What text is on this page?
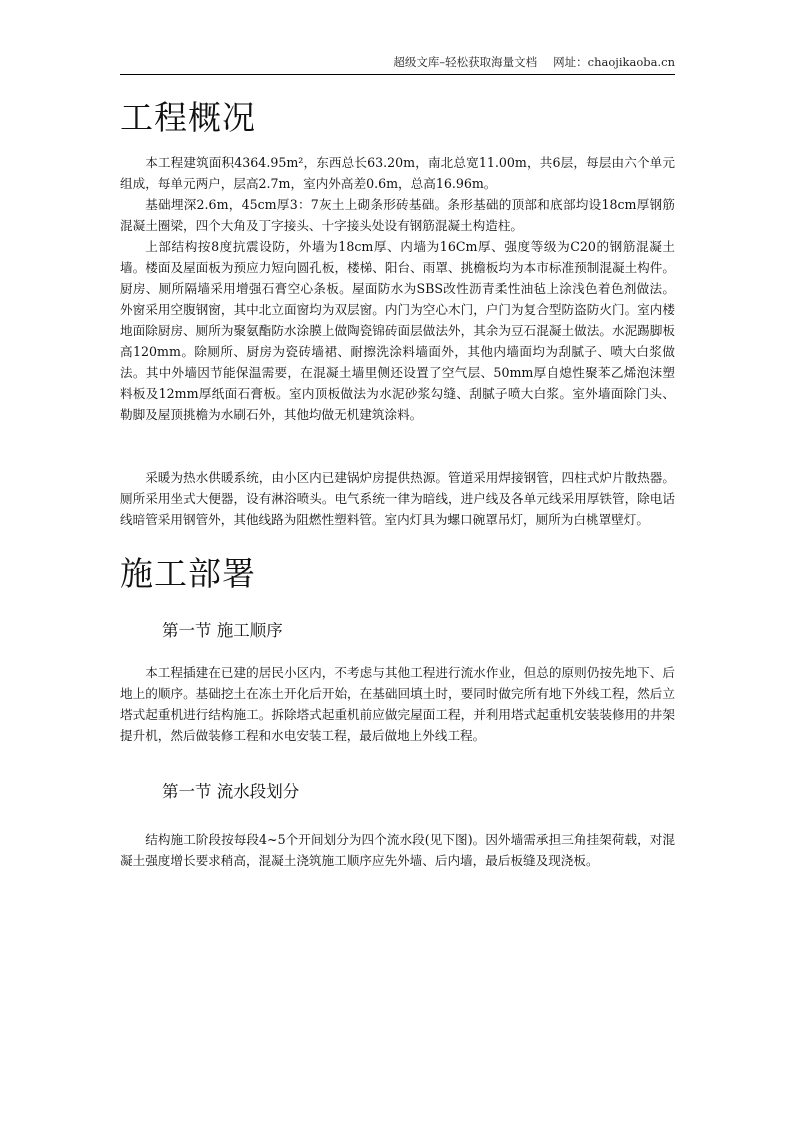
超级文库–轻松获取海量文档 网址：chaojikaoba.cn
工程概况

本工程建筑面积4364.95m²，东西总长63.20m，南北总宽11.00m，共6层，每层由六个单元组成，每单元两户，层高2.7m，室内外高差0.6m，总高16.96m。

基础埋深2.6m，45cm厚3：7灰土上砌条形砖基础。条形基础的顶部和底部均设18cm厚钢筋混凝土圈梁，四个大角及丁字接头、十字接头处设有钢筋混凝土构造柱。

上部结构按8度抗震设防，外墙为18cm厚、内墙为16Cm厚、强度等级为C20的钢筋混凝土墙。楼面及屋面板为预应力短向圆孔板，楼梯、阳台、雨罩、挑檐板均为本市标准预制混凝土构件。厨房、厕所隔墙采用增强石膏空心条板。屋面防水为SBS改性沥青柔性油毡上涂浅色着色剂做法。外窗采用空腹钢窗，其中北立面窗均为双层窗。内门为空心木门，户门为复合型防盗防火门。室内楼地面除厨房、厕所为聚氨酯防水涂膜上做陶瓷锦砖面层做法外，其余为豆石混凝土做法。水泥踢脚板高120mm。除厕所、厨房为瓷砖墙裙、耐擦洗涂料墙面外，其他内墙面均为刮腻子、喷大白浆做法。其中外墙因节能保温需要，在混凝土墙里侧还设置了空气层、50mm厚自熄性聚苯乙烯泡沫塑料板及12mm厚纸面石膏板。室内顶板做法为水泥砂浆勾缝、刮腻子喷大白浆。室外墙面除门头、勒脚及屋顶挑檐为水刷石外，其他均做无机建筑涂料。

采暖为热水供暖系统，由小区内已建锅炉房提供热源。管道采用焊接钢管，四柱式炉片散热器。厕所采用坐式大便器，设有淋浴喷头。电气系统一律为暗线，进户线及各单元线采用厚铁管，除电话线暗管采用钢管外，其他线路为阻燃性塑料管。室内灯具为螺口碗罩吊灯，厕所为白桃罩壁灯。

施工部署
第一节 施工顺序

本工程插建在已建的居民小区内，不考虑与其他工程进行流水作业，但总的原则仍按先地下、后地上的顺序。基础挖土在冻土开化后开始，在基础回填土时，要同时做完所有地下外线工程，然后立塔式起重机进行结构施工。拆除塔式起重机前应做完屋面工程，并利用塔式起重机安装装修用的井架提升机，然后做装修工程和水电安装工程，最后做地上外线工程。

第一节 流水段划分

结构施工阶段按每段4~5个开间划分为四个流水段(见下图)。因外墙需承担三角挂架荷载，对混凝土强度增长要求稍高，混凝土浇筑施工顺序应先外墙、后内墙，最后板缝及现浇板。
